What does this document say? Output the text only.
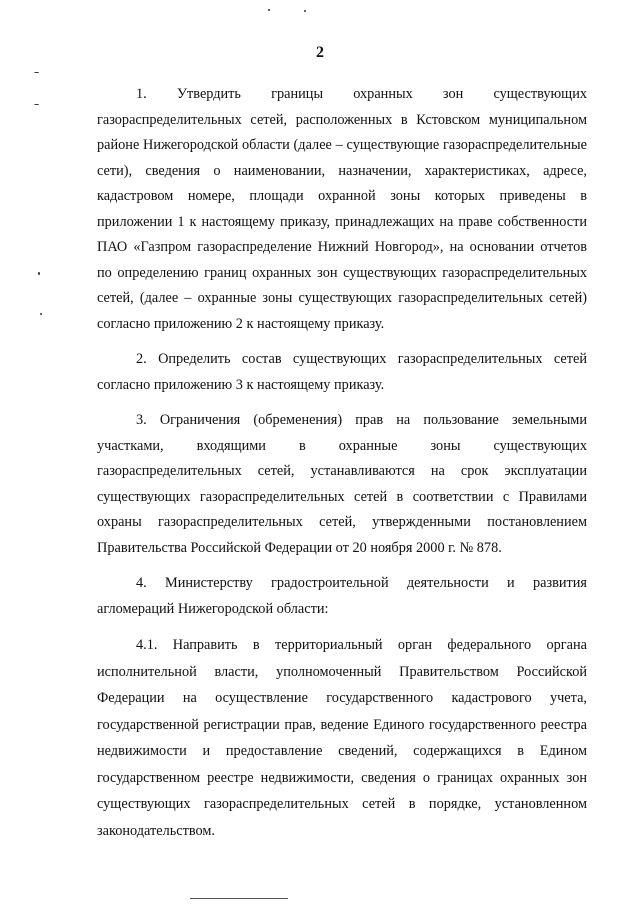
2

1. Утвердить границы охранных зон существующих газораспределительных сетей, расположенных в Кстовском муниципальном районе Нижегородской области (далее – существующие газораспределительные сети), сведения о наименовании, назначении, характеристиках, адресе, кадастровом номере, площади охранной зоны которых приведены в приложении 1 к настоящему приказу, принадлежащих на праве собственности ПАО «Газпром газораспределение Нижний Новгород», на основании отчетов по определению границ охранных зон существующих газораспределительных сетей, (далее – охранные зоны существующих газораспределительных сетей) согласно приложению 2 к настоящему приказу.

2. Определить состав существующих газораспределительных сетей согласно приложению 3 к настоящему приказу.

3. Ограничения (обременения) прав на пользование земельными участками, входящими в охранные зоны существующих газораспределительных сетей, устанавливаются на срок эксплуатации существующих газораспределительных сетей в соответствии с Правилами охраны газораспределительных сетей, утвержденными постановлением Правительства Российской Федерации от 20 ноября 2000 г. № 878.

4. Министерству градостроительной деятельности и развития агломераций Нижегородской области:

4.1. Направить в территориальный орган федерального органа исполнительной власти, уполномоченный Правительством Российской Федерации на осуществление государственного кадастрового учета, государственной регистрации прав, ведение Единого государственного реестра недвижимости и предоставление сведений, содержащихся в Едином государственном реестре недвижимости, сведения о границах охранных зон существующих газораспределительных сетей в порядке, установленном законодательством.
